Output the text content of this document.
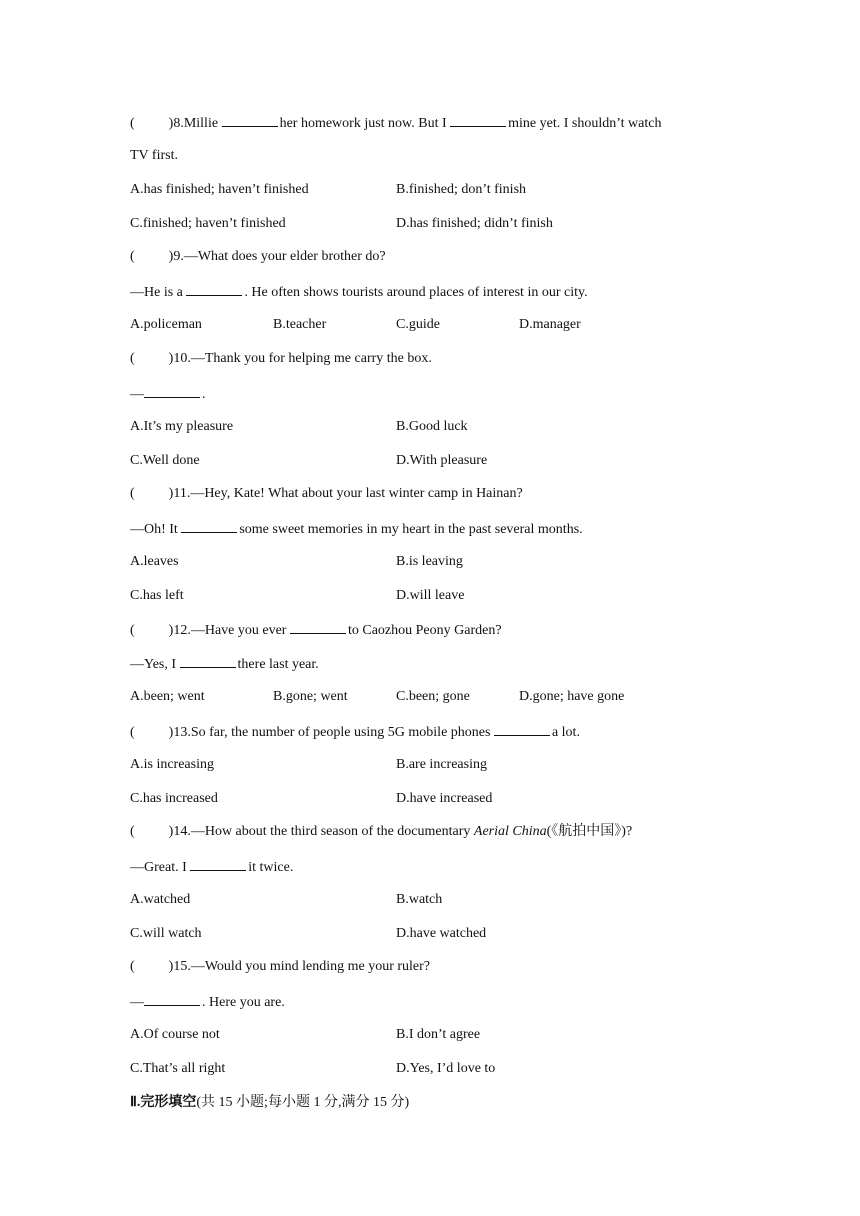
( )8.Millie	her homework just now. But I	mine yet. I shouldn’t watch
TV first.
A.has finished; haven’t finished	B.finished; don’t finish
C.finished; haven’t finished	D.has finished; didn’t finish
( )9.—What does your elder brother do?
—He is a	. He often shows tourists around places of interest in our city.
A.policeman	B.teacher	C.guide	D.manager
( )10.—Thank you for helping me carry the box.
—	.
A.It’s my pleasure	B.Good luck
C.Well done	D.With pleasure
( )11.—Hey, Kate! What about your last winter camp in Hainan?
—Oh! It	some sweet memories in my heart in the past several months.
A.leaves	B.is leaving
C.has left	D.will leave
( )12.—Have you ever	to Caozhou Peony Garden?
—Yes, I	there last year.
A.been; went	B.gone; went	C.been; gone	D.gone; have gone
( )13.So far, the number of people using 5G mobile phones	a lot.
A.is increasing	B.are increasing
C.has increased	D.have increased
( )14.—How about the third season of the documentary Aerial China(《航拍中国》)?
—Great. I	it twice.
A.watched	B.watch
C.will watch	D.have watched
( )15.—Would you mind lending me your ruler?
—	. Here you are.
A.Of course not	B.I don’t agree
C.That’s all right	D.Yes, I’d love to
Ⅱ.完形填空(共 15 小题;每小题 1 分,满分 15 分)
